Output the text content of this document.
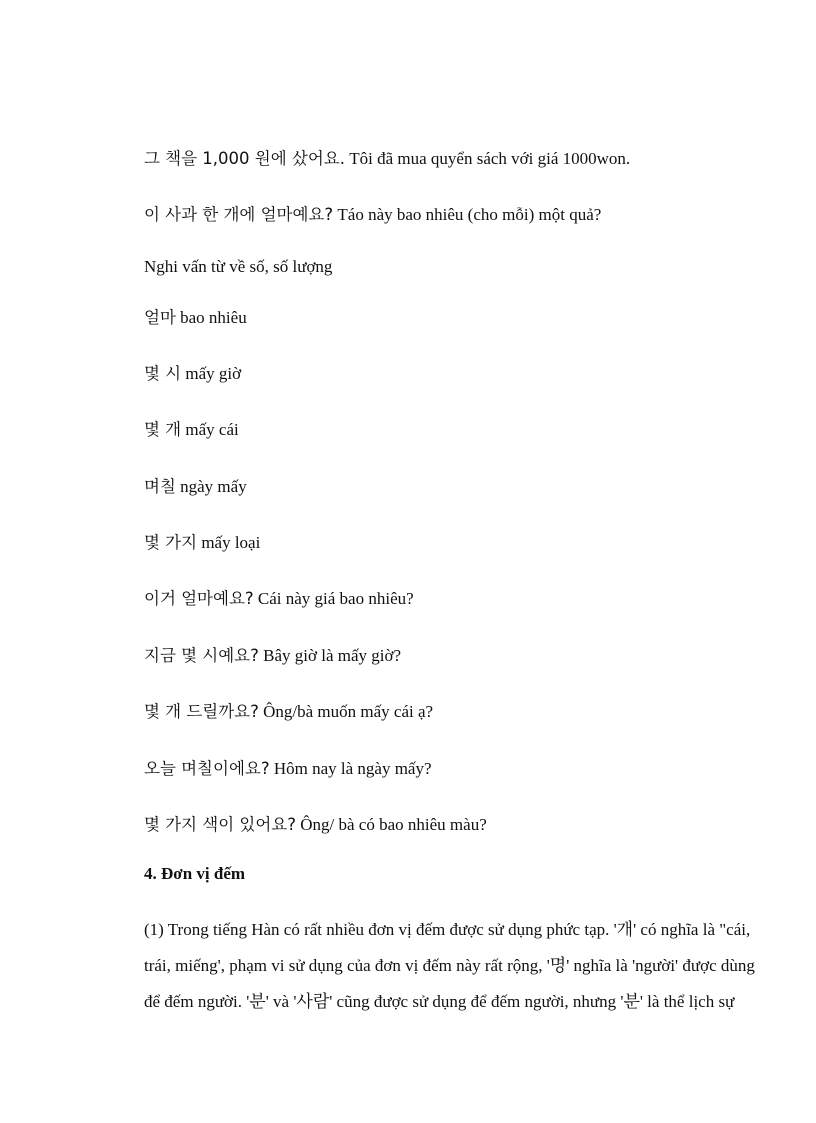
그 책을 1,000 원에 샀어요. Tôi đã mua quyển sách với giá 1000won.
이 사과 한 개에 얼마예요? Táo này bao nhiêu (cho mỗi) một quả?
Nghi vấn từ về số, số lượng
얼마 bao nhiêu
몇 시 mấy giờ
몇 개 mấy cái
며칠 ngày mấy
몇 가지 mấy loại
이거 얼마예요? Cái này giá bao nhiêu?
지금 몇 시예요? Bây giờ là mấy giờ?
몇 개 드릴까요? Ông/bà muốn mấy cái ạ?
오늘 며칠이에요? Hôm nay là ngày mấy?
몇 가지 색이 있어요? Ông/ bà có bao nhiêu màu?
4. Đơn vị đếm
(1) Trong tiếng Hàn có rất nhiều đơn vị đếm được sử dụng phức tạp. '개' có nghĩa là "cái,
trái, miếng', phạm vi sử dụng của đơn vị đếm này rất rộng, '명' nghĩa là 'người' được dùng
để đếm người. '분' và '사람' cũng được sử dụng để đếm người, nhưng '분' là thể lịch sự
